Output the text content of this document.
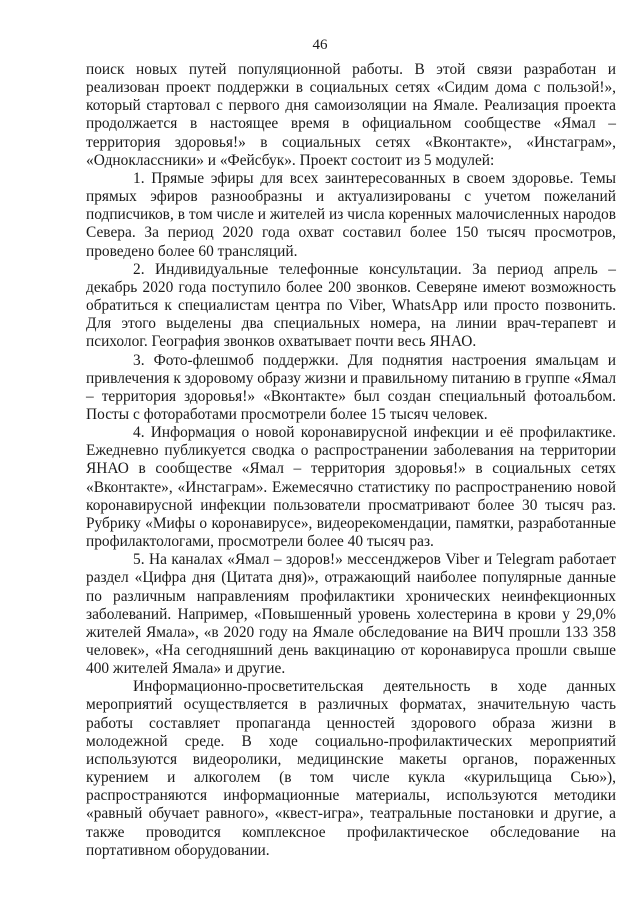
46

поиск новых путей популяционной работы. В этой связи разработан и реализован проект поддержки в социальных сетях «Сидим дома с пользой!», который стартовал с первого дня самоизоляции на Ямале. Реализация проекта продолжается в настоящее время в официальном сообществе «Ямал – территория здоровья!» в социальных сетях «Вконтакте», «Инстаграм», «Одноклассники» и «Фейсбук». Проект состоит из 5 модулей:

1. Прямые эфиры для всех заинтересованных в своем здоровье. Темы прямых эфиров разнообразны и актуализированы с учетом пожеланий подписчиков, в том числе и жителей из числа коренных малочисленных народов Севера. За период 2020 года охват составил более 150 тысяч просмотров, проведено более 60 трансляций.

2. Индивидуальные телефонные консультации. За период апрель – декабрь 2020 года поступило более 200 звонков. Северяне имеют возможность обратиться к специалистам центра по Viber, WhatsApp или просто позвонить. Для этого выделены два специальных номера, на линии врач-терапевт и психолог. География звонков охватывает почти весь ЯНАО.

3. Фото-флешмоб поддержки. Для поднятия настроения ямальцам и привлечения к здоровому образу жизни и правильному питанию в группе «Ямал – территория здоровья!» «Вконтакте» был создан специальный фотоальбом. Посты с фотоработами просмотрели более 15 тысяч человек.

4. Информация о новой коронавирусной инфекции и её профилактике. Ежедневно публикуется сводка о распространении заболевания на территории ЯНАО в сообществе «Ямал – территория здоровья!» в социальных сетях «Вконтакте», «Инстаграм». Ежемесячно статистику по распространению новой коронавирусной инфекции пользователи просматривают более 30 тысяч раз. Рубрику «Мифы о коронавирусе», видеорекомендации, памятки, разработанные профилактологами, просмотрели более 40 тысяч раз.

5. На каналах «Ямал – здоров!» мессенджеров Viber и Telegram работает раздел «Цифра дня (Цитата дня)», отражающий наиболее популярные данные по различным направлениям профилактики хронических неинфекционных заболеваний. Например, «Повышенный уровень холестерина в крови у 29,0% жителей Ямала», «в 2020 году на Ямале обследование на ВИЧ прошли 133 358 человек», «На сегодняшний день вакцинацию от коронавируса прошли свыше 400 жителей Ямала» и другие.

Информационно-просветительская деятельность в ходе данных мероприятий осуществляется в различных форматах, значительную часть работы составляет пропаганда ценностей здорового образа жизни в молодежной среде. В ходе социально-профилактических мероприятий используются видеоролики, медицинские макеты органов, пораженных курением и алкоголем (в том числе кукла «курильщица Сью»), распространяются информационные материалы, используются методики «равный обучает равного», «квест-игра», театральные постановки и другие, а также проводится комплексное профилактическое обследование на портативном оборудовании.
